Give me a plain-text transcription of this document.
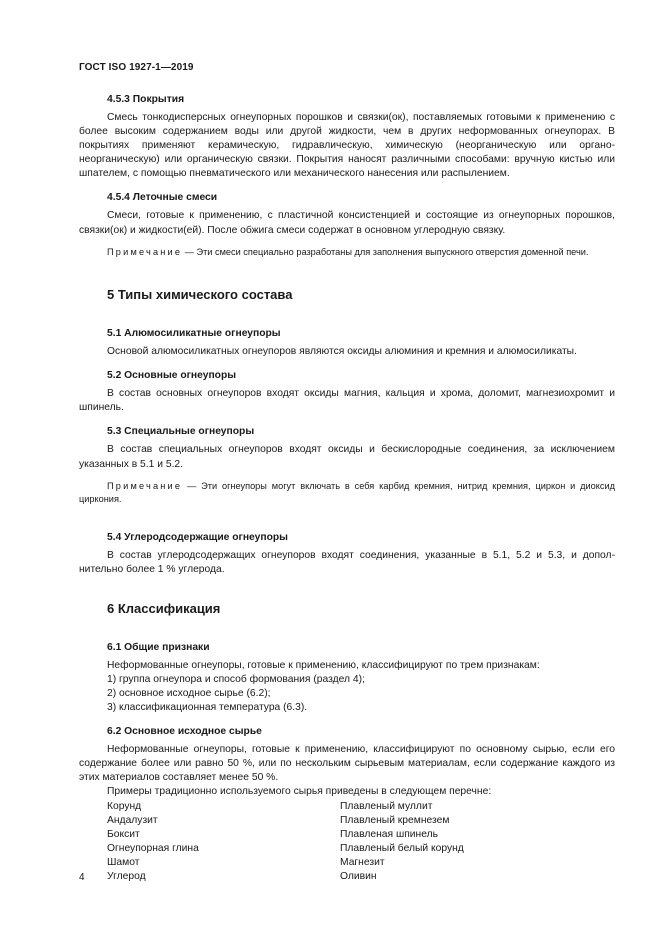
ГОСТ ISO 1927-1—2019
4.5.3 Покрытия

Смесь тонкодисперсных огнеупорных порошков и связки(ок), поставляемых готовыми к применению с более высоким содержанием воды или другой жидкости, чем в других неформованных огнеупорах. В покрытиях применяют керамическую, гидравлическую, химическую (неорганическую или органонеорганическую) или органическую связки. Покрытия наносят различными способами: вручную кистью или шпателем, с помощью пневматического или механического нанесения или распылением.

4.5.4 Леточные смеси

Смеси, готовые к применению, с пластичной консистенцией и состоящие из огнеупорных порошков, связки(ок) и жидкости(ей). После обжига смеси содержат в основном углеродную связку.

Примечание — Эти смеси специально разработаны для заполнения выпускного отверстия доменной печи.

5 Типы химического состава
5.1 Алюмосиликатные огнеупоры

Основой алюмосиликатных огнеупоров являются оксиды алюминия и кремния и алюмосиликаты.

5.2 Основные огнеупоры

В состав основных огнеупоров входят оксиды магния, кальция и хрома, доломит, магнезиохромит и шпинель.

5.3 Специальные огнеупоры

В состав специальных огнеупоров входят оксиды и бескислородные соединения, за исключением указанных в 5.1 и 5.2.

Примечание — Эти огнеупоры могут включать в себя карбид кремния, нитрид кремния, циркон и диоксид циркония.

5.4 Углеродсодержащие огнеупоры

В состав углеродсодержащих огнеупоров входят соединения, указанные в 5.1, 5.2 и 5.3, и дополнительно более 1 % углерода.

6 Классификация
6.1 Общие признаки

Неформованные огнеупоры, готовые к применению, классифицируют по трем признакам:

1) группа огнеупора и способ формования (раздел 4);
2) основное исходное сырье (6.2);
3) классификационная температура (6.3).
6.2 Основное исходное сырье

Неформованные огнеупоры, готовые к применению, классифицируют по основному сырью, если его содержание более или равно 50 %, или по нескольким сырьевым материалам, если содержание каждого из этих материалов составляет менее 50 %.

Примеры традиционно используемого сырья приведены в следующем перечне:

Корунд	Плавленый муллит
Андалузит	Плавленый кремнезем
Боксит	Плавленая шпинель
Огнеупорная глина	Плавленый белый корунд
Шамот	Магнезит
Углерод	Оливин
4
